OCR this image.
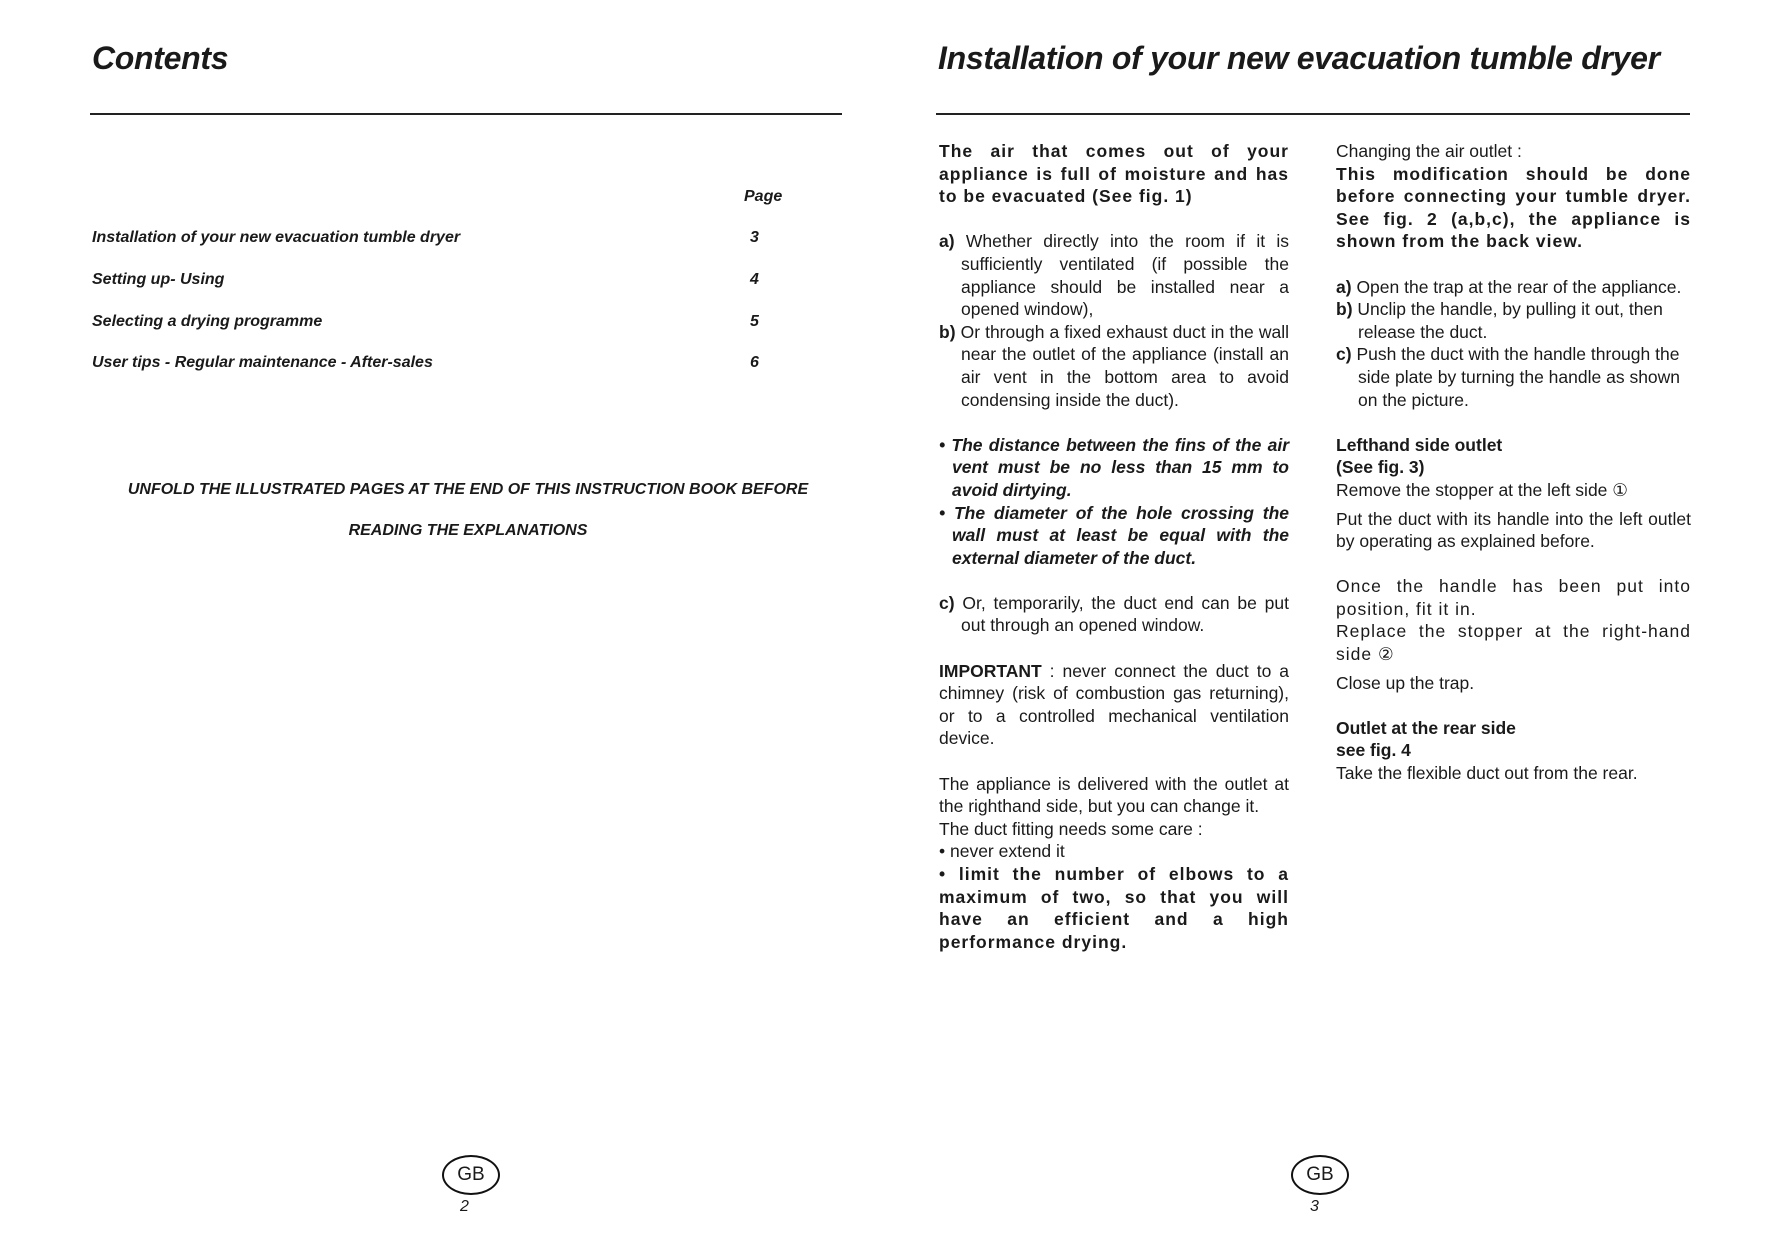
Contents
Page
Installation of your new evacuation tumble dryer	3
Setting up- Using	4
Selecting a drying programme	5
User tips - Regular maintenance - After-sales	6
UNFOLD THE ILLUSTRATED PAGES AT THE END OF THIS INSTRUCTION BOOK BEFORE
READING THE EXPLANATIONS
GB
2
Installation of your new evacuation tumble dryer

The air that comes out of your appliance is full of moisture and has to be evacuated (See fig. 1)

a) Whether directly into the room if it is sufficiently ventilated (if possible the appliance should be installed near a opened window),

b) Or through a fixed exhaust duct in the wall near the outlet of the appliance (install an air vent in the bottom area to avoid condensing inside the duct).

• The distance between the fins of the air vent must be no less than 15 mm to avoid dirtying.

• The diameter of the hole crossing the wall must at least be equal with the external diameter of the duct.

c) Or, temporarily, the duct end can be put out through an opened window.

IMPORTANT : never connect the duct to a chimney (risk of combustion gas returning), or to a controlled mechanical ventilation device.

The appliance is delivered with the outlet at the righthand side, but you can change it.

The duct fitting needs some care :

• never extend it

• limit the number of elbows to a maximum of two, so that you will have an efficient and a high performance drying.

Changing the air outlet :

This modification should be done before connecting your tumble dryer. See fig. 2 (a,b,c), the appliance is shown from the back view.

a) Open the trap at the rear of the appliance.

b) Unclip the handle, by pulling it out, then release the duct.

c) Push the duct with the handle through the side plate by turning the handle as shown on the picture.

Lefthand side outlet

(See fig. 3)

Remove the stopper at the left side ①

Put the duct with its handle into the left outlet by operating as explained before.

Once the handle has been put into position, fit it in.

Replace the stopper at the right-hand side ②

Close up the trap.

Outlet at the rear side

see fig. 4

Take the flexible duct out from the rear.

GB
3
